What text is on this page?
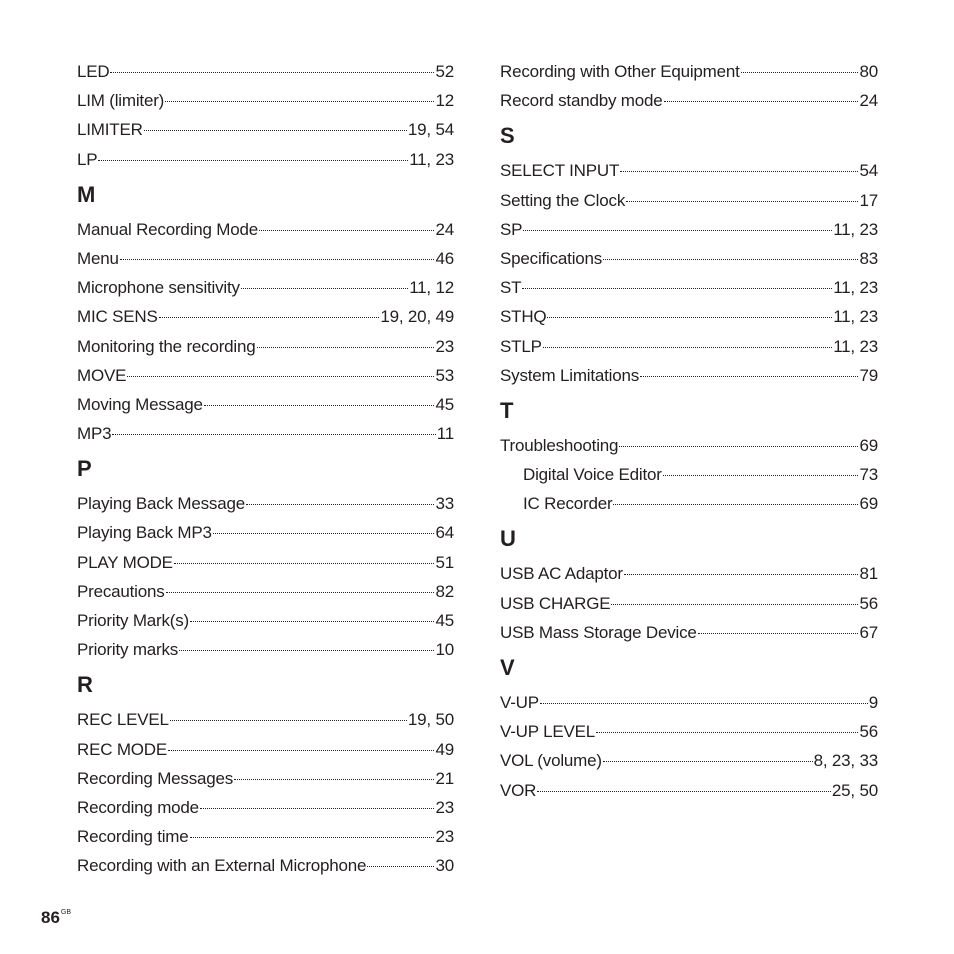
LED	52
LIM (limiter)	12
LIMITER	19, 54
LP	11, 23
M
Manual Recording Mode	24
Menu	46
Microphone sensitivity	11, 12
MIC SENS	19, 20, 49
Monitoring the recording	23
MOVE	53
Moving Message	45
MP3	11
P
Playing Back Message	33
Playing Back MP3	64
PLAY MODE	51
Precautions	82
Priority Mark(s)	45
Priority marks	10
R
REC LEVEL	19, 50
REC MODE	49
Recording Messages	21
Recording mode	23
Recording time	23
Recording with an External Microphone	30
Recording with Other Equipment	80
Record standby mode	24
S
SELECT INPUT	54
Setting the Clock	17
SP	11, 23
Specifications	83
ST	11, 23
STHQ	11, 23
STLP	11, 23
System Limitations	79
T
Troubleshooting	69
Digital Voice Editor	73
IC Recorder	69
U
USB AC Adaptor	81
USB CHARGE	56
USB Mass Storage Device	67
V
V-UP	9
V-UP LEVEL	56
VOL (volume)	8, 23, 33
VOR	25, 50
$86^{GB}$
